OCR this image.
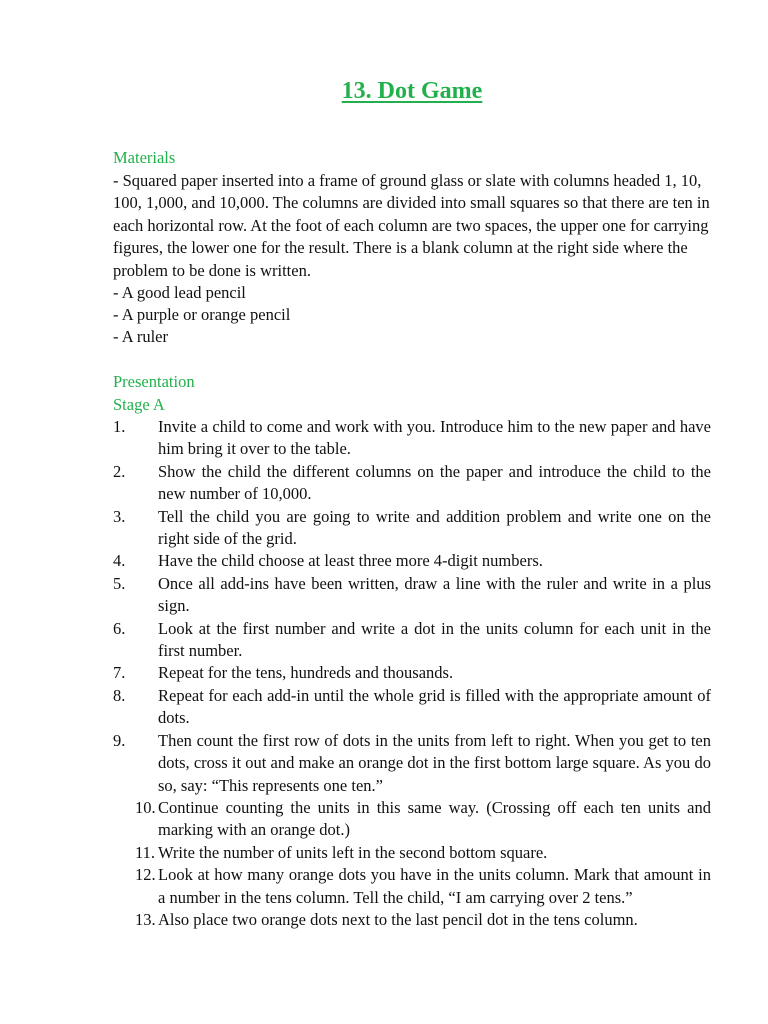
13. Dot Game

Materials

- Squared paper inserted into a frame of ground glass or slate with columns headed 1, 10, 100, 1,000, and 10,000. The columns are divided into small squares so that there are ten in each horizontal row. At the foot of each column are two spaces, the upper one for carrying figures, the lower one for the result. There is a blank column at the right side where the problem to be done is written.

- A good lead pencil

- A purple or orange pencil

- A ruler

Presentation

Stage A

1.	Invite a child to come and work with you. Introduce him to the new paper and have him bring it over to the table.
2.	Show the child the different columns on the paper and introduce the child to the new number of 10,000.
3.	Tell the child you are going to write and addition problem and write one on the right side of the grid.
4.	Have the child choose at least three more 4-digit numbers.
5.	Once all add-ins have been written, draw a line with the ruler and write in a plus sign.
6.	Look at the first number and write a dot in the units column for each unit in the first number.
7.	Repeat for the tens, hundreds and thousands.
8.	Repeat for each add-in until the whole grid is filled with the appropriate amount of dots.
9.	Then count the first row of dots in the units from left to right. When you get to ten dots, cross it out and make an orange dot in the first bottom large square. As you do so, say: “This represents one ten.”
10. Continue counting the units in this same way. (Crossing off each ten units and marking with an orange dot.)
11. Write the number of units left in the second bottom square.
12. Look at how many orange dots you have in the units column. Mark that amount in a number in the tens column. Tell the child, “I am carrying over 2 tens.”
13. Also place two orange dots next to the last pencil dot in the tens column.
